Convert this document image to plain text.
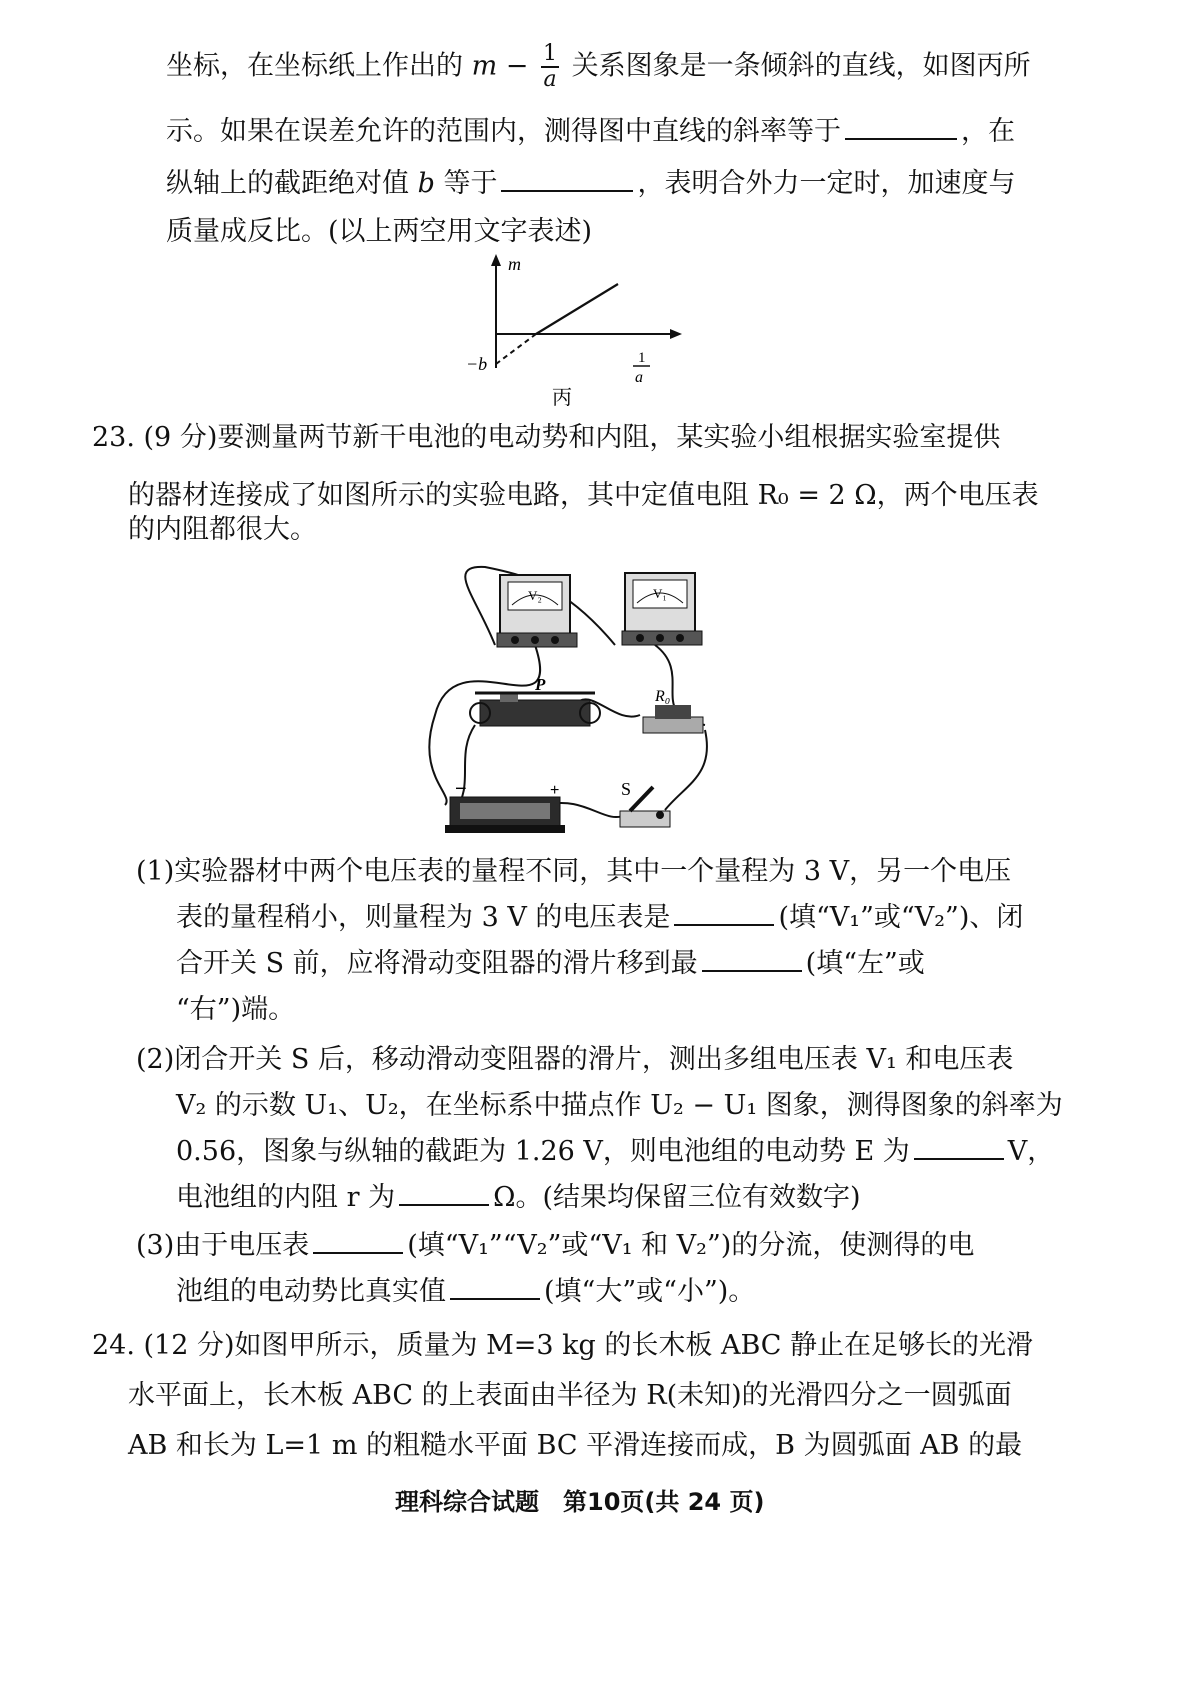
坐标，在坐标纸上作出的 $m - \frac{1}{a}$ 关系图象是一条倾斜的直线，如图丙所
示。如果在误差允许的范围内，测得图中直线的斜率等于	，在
纵轴上的截距绝对值 b 等于	，表明合外力一定时，加速度与
质量成反比。(以上两空用文字表述)
m
−b	1
a
丙
23. (9 分)要测量两节新干电池的电动势和内阻，某实验小组根据实验室提供
的器材连接成了如图所示的实验电路，其中定值电阻 R₀ = 2 Ω，两个电压表
的内阻都很大。
V₂	V₁
P
R₀
−	+	S
(1)实验器材中两个电压表的量程不同，其中一个量程为 3 V，另一个电压
表的量程稍小，则量程为 3 V 的电压表是	(填“V₁”或“V₂”)、闭
合开关 S 前，应将滑动变阻器的滑片移到最	(填“左”或
“右”)端。
(2)闭合开关 S 后，移动滑动变阻器的滑片，测出多组电压表 V₁ 和电压表
V₂ 的示数 U₁、U₂，在坐标系中描点作 U₂ − U₁ 图象，测得图象的斜率为
0.56，图象与纵轴的截距为 1.26 V，则电池组的电动势 E 为	V，
电池组的内阻 r 为	Ω。(结果均保留三位有效数字)
(3)由于电压表	(填“V₁”“V₂”或“V₁ 和 V₂”)的分流，使测得的电
池组的电动势比真实值	(填“大”或“小”)。
24. (12 分)如图甲所示，质量为 M=3 kg 的长木板 ABC 静止在足够长的光滑
水平面上，长木板 ABC 的上表面由半径为 R(未知)的光滑四分之一圆弧面
AB 和长为 L=1 m 的粗糙水平面 BC 平滑连接而成，B 为圆弧面 AB 的最
理科综合试题　第10页(共 24 页)
